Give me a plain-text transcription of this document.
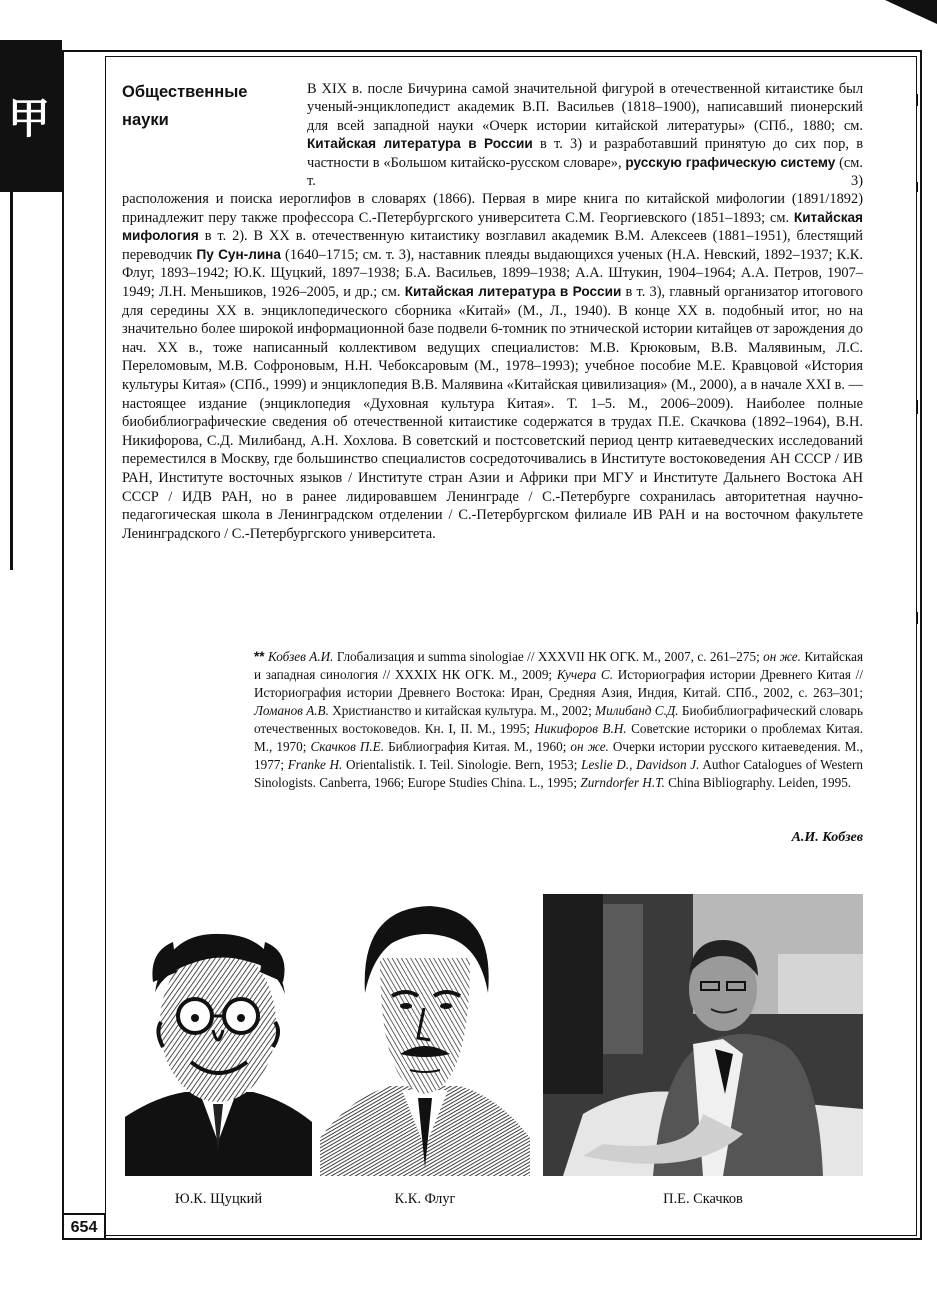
甲
654
Общественные
науки

В XIX в. после Бичурина самой значительной фигурой в отечественной китаистике был ученый-энциклопедист академик В.П. Васильев (1818–1900), написавший пионерский для всей западной науки «Очерк истории китайской литературы» (СПб., 1880; см. Китайская литература в России в т. 3) и разработавший принятую до сих пор, в частности в «Большом китайско-русском словаре», русскую графическую систему (см. т. 3)

расположения и поиска иероглифов в словарях (1866). Первая в мире книга по китайской мифологии (1891/1892) принадлежит перу также профессора С.-Петербургского университета С.М. Георгиевского (1851–1893; см. Китайская мифология в т. 2). В XX в. отечественную китаистику возглавил академик В.М. Алексеев (1881–1951), блестящий переводчик Пу Сун-лина (1640–1715; см. т. 3), наставник плеяды выдающихся ученых (Н.А. Невский, 1892–1937; К.К. Флуг, 1893–1942; Ю.К. Щуцкий, 1897–1938; Б.А. Васильев, 1899–1938; А.А. Штукин, 1904–1964; А.А. Петров, 1907–1949; Л.Н. Меньшиков, 1926–2005, и др.; см. Китайская литература в России в т. 3), главный организатор итогового для середины XX в. энциклопедического сборника «Китай» (М., Л., 1940). В конце XX в. подобный итог, но на значительно более широкой информационной базе подвели 6-томник по этнической истории китайцев от зарождения до нач. XX в., тоже написанный коллективом ведущих специалистов: М.В. Крюковым, В.В. Малявиным, Л.С. Переломовым, М.В. Софроновым, Н.Н. Чебоксаровым (М., 1978–1993); учебное пособие М.Е. Кравцовой «История культуры Китая» (СПб., 1999) и энциклопедия В.В. Малявина «Китайская цивилизация» (М., 2000), а в начале XXI в. — настоящее издание (энциклопедия «Духовная культура Китая». Т. 1–5. М., 2006–2009). Наиболее полные биобиблиографические сведения об отечественной китаистике содержатся в трудах П.Е. Скачкова (1892–1964), В.Н. Никифорова, С.Д. Милибанд, А.Н. Хохлова. В советский и постсоветский период центр китаеведческих исследований переместился в Москву, где большинство специалистов сосредоточивались в Институте востоковедения АН СССР / ИВ РАН, Институте восточных языков / Институте стран Азии и Африки при МГУ и Институте Дальнего Востока АН СССР / ИДВ РАН, но в ранее лидировавшем Ленинграде / С.-Петербурге сохранилась авторитетная научно-педагогическая школа в Ленинградском отделении / С.-Петербургском филиале ИВ РАН и на восточном факультете Ленинградского / С.-Петербургского университета.

** Кобзев А.И. Глобализация и summa sinologiae // XXXVII НК ОГК. М., 2007, с. 261–275; он же. Китайская и западная синология // XXXIX НК ОГК. М., 2009; Кучера С. Историография истории Древнего Китая // Историография истории Древнего Востока: Иран, Средняя Азия, Индия, Китай. СПб., 2002, с. 263–301; Ломанов А.В. Христианство и китайская культура. М., 2002; Милибанд С.Д. Биобиблиографический словарь отечественных востоковедов. Кн. I, II. М., 1995; Никифоров В.Н. Советские историки о проблемах Китая. М., 1970; Скачков П.Е. Библиография Китая. М., 1960; он же. Очерки истории русского китаеведения. М., 1977; Franke H. Orientalistik. I. Teil. Sinologie. Bern, 1953; Leslie D., Davidson J. Author Catalogues of Western Sinologists. Canberra, 1966; Europe Studies China. L., 1995; Zurndorfer H.T. China Bibliography. Leiden, 1995.

А.И. Кобзев

Ю.К. Щуцкий	К.К. Флуг	П.Е. Скачков
